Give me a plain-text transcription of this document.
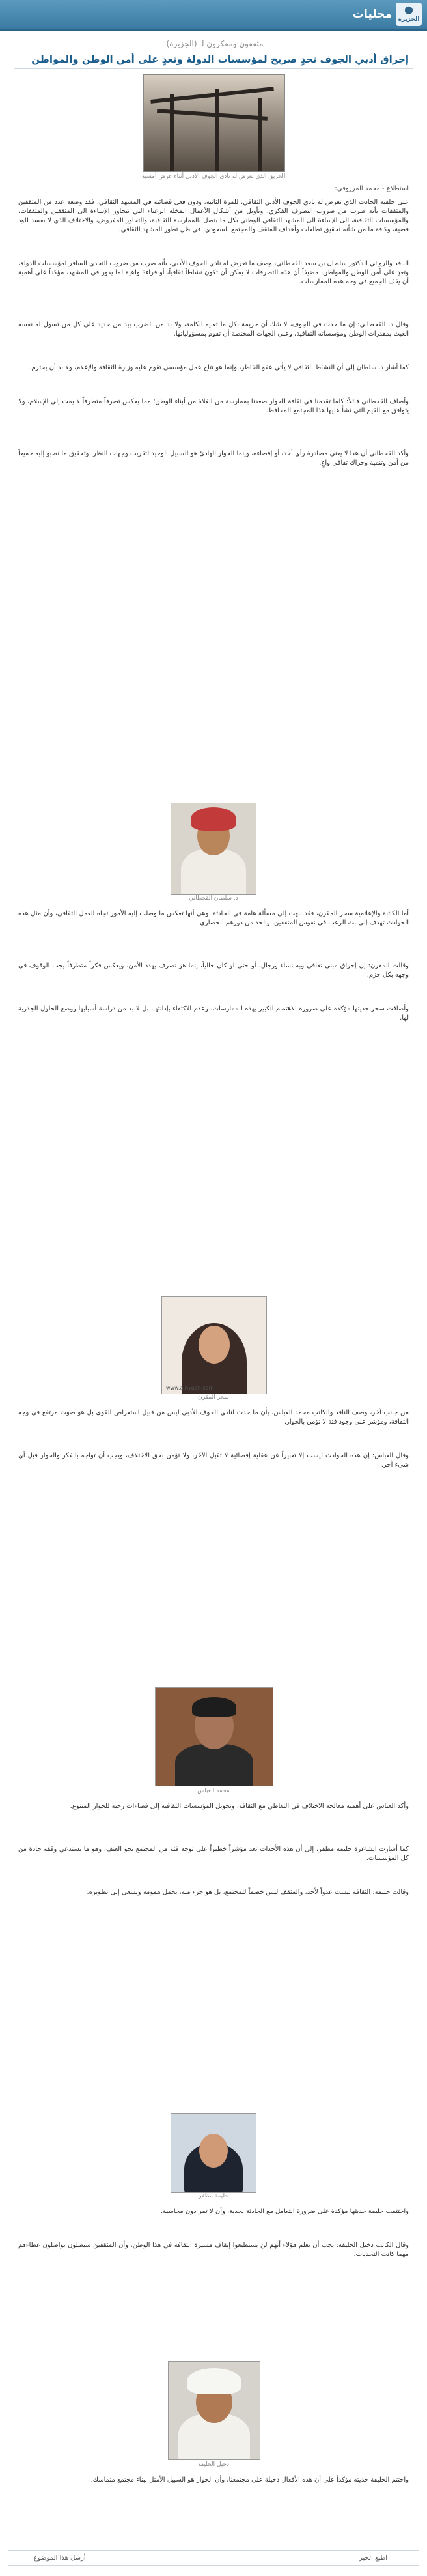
●
الجزيرة
محليات
مثقفون ومفكرون لـ (الجزيرة):
إحراق أدبي الجوف تحدٍ صريح لمؤسسات الدولة وتعدٍ على أمن الوطن والمواطن
الحريق الذي تعرض له نادي الجوف الأدبي أثناء عرض أمسية
استطلاع - محمد المرزوقي:
على خلفية الحادث الذي تعرض له نادي الجوف الأدبي الثقافي، للمرة الثانية، ودون فعل قضائية في المشهد الثقافي، فقد وضعه عدد من المثقفين والمثقفات بأنه ضرب من ضروب التطرف الفكري، وتأويل من أشكال الأعمال المخلة الرعناء التي تتجاوز الإساءة الى المثقفين والمثقفات، والمؤسسات الثقافية، الى الإساءة الى المشهد الثقافي الوطني بكل ما يتصل بالممارسة الثقافية، والتحاور المفروض، والاختلاف الذي لا يفسد للود قضية، وكافة ما من شأنه تحقيق تطلعات وأهداف المثقف والمجتمع السعودي، في ظل تطور المشهد الثقافي.
الناقد والروائي الدكتور سلطان بن سعد القحطاني، وصف ما تعرض له نادي الجوف الأدبي، بأنه ضرب من ضروب التحدي السافر لمؤسسات الدولة، وتعدٍ على أمن الوطن والمواطن، مضيفاً أن هذه التصرفات لا يمكن أن تكون نشاطاً ثقافياً، أو قراءة واعية لما يدور في المشهد، مؤكداً على أهمية أن يقف الجميع في وجه هذه الممارسات.
وقال د. القحطاني: إن ما حدث في الجوف، لا شك أن جريمة بكل ما تعنيه الكلمة، ولا بد من الضرب بيد من حديد على كل من تسول له نفسه العبث بمقدرات الوطن ومؤسساته الثقافية، وعلى الجهات المختصة أن تقوم بمسؤولياتها.
كما أشار د. سلطان إلى أن النشاط الثقافي لا يأتي عفو الخاطر، وإنما هو نتاج عمل مؤسسي تقوم عليه وزارة الثقافة والإعلام، ولا بد أن يحترم.
وأضاف القحطاني قائلاً: كلما تقدمنا في ثقافة الحوار صعدنا بممارسة من الغلاة من أبناء الوطن؛ مما يعكس تصرفاً متطرفاً لا يمت إلى الإسلام، ولا يتوافق مع القيم التي نشأ عليها هذا المجتمع المحافظ.
وأكد القحطاني أن هذا لا يعني مصادرة رأي أحد، أو إقصاءه، وإنما الحوار الهادئ هو السبيل الوحيد لتقريب وجهات النظر، وتحقيق ما نصبو إليه جميعاً من أمن وتنمية وحراك ثقافي واعٍ.
د. سلطان القحطاني
أما الكاتبة والإعلامية سحر المقرن، فقد نبهت إلى مسألة هامة في الحادثة، وهي أنها تعكس ما وصلت إليه الأمور تجاه العمل الثقافي، وأن مثل هذه الحوادث تهدف إلى بث الرعب في نفوس المثقفين، والحد من دورهم الحضاري.
وقالت المقرن: إن إحراق مبنى ثقافي وبه نساء ورجال، أو حتى لو كان خالياً، إنما هو تصرف يهدد الأمن، ويعكس فكراً متطرفاً يجب الوقوف في وجهه بكل حزم.
وأضافت سحر حديثها مؤكدة على ضرورة الاهتمام الكبير بهذه الممارسات، وعدم الاكتفاء بإدانتها، بل لا بد من دراسة أسبابها ووضع الحلول الجذرية لها.
www.alriyadh.com
سحر المقرن
من جانب آخر، وصف الناقد والكاتب محمد العباس، بأن ما حدث لنادي الجوف الأدبي ليس من قبيل استعراض القوى بل هو صوت مرتفع في وجه الثقافة، ومؤشر على وجود فئة لا تؤمن بالحوار.
وقال العباس: إن هذه الحوادث ليست إلا تعبيراً عن عقلية إقصائية لا تقبل الآخر، ولا تؤمن بحق الاختلاف، ويجب أن تواجه بالفكر والحوار قبل أي شيء آخر.
محمد العباس
وأكد العباس على أهمية معالجة الاختلاف في التعاطي مع الثقافة، وتحويل المؤسسات الثقافية إلى فضاءات رحبة للحوار المتنوع.
كما أشارت الشاعرة حليمة مظفر، إلى أن هذه الأحداث تعد مؤشراً خطيراً على توجه فئة من المجتمع نحو العنف، وهو ما يستدعي وقفة جادة من كل المؤسسات.
وقالت حليمة: الثقافة ليست عدواً لأحد، والمثقف ليس خصماً للمجتمع، بل هو جزء منه، يحمل همومه ويسعى إلى تطويره.
حليمة مظفر
واختتمت حليمة حديثها مؤكدة على ضرورة التعامل مع الحادثة بجدية، وأن لا تمر دون محاسبة.
وقال الكاتب دخيل الخليفة: يجب أن يعلم هؤلاء أنهم لن يستطيعوا إيقاف مسيرة الثقافة في هذا الوطن، وأن المثقفين سيظلون يواصلون عطاءهم مهما كانت التحديات.
دخيل الخليفة
واختتم الخليفة حديثه مؤكداً على أن هذه الأفعال دخيلة على مجتمعنا، وأن الحوار هو السبيل الأمثل لبناء مجتمع متماسك.
اطبع الخبر
أرسل هذا الموضوع
